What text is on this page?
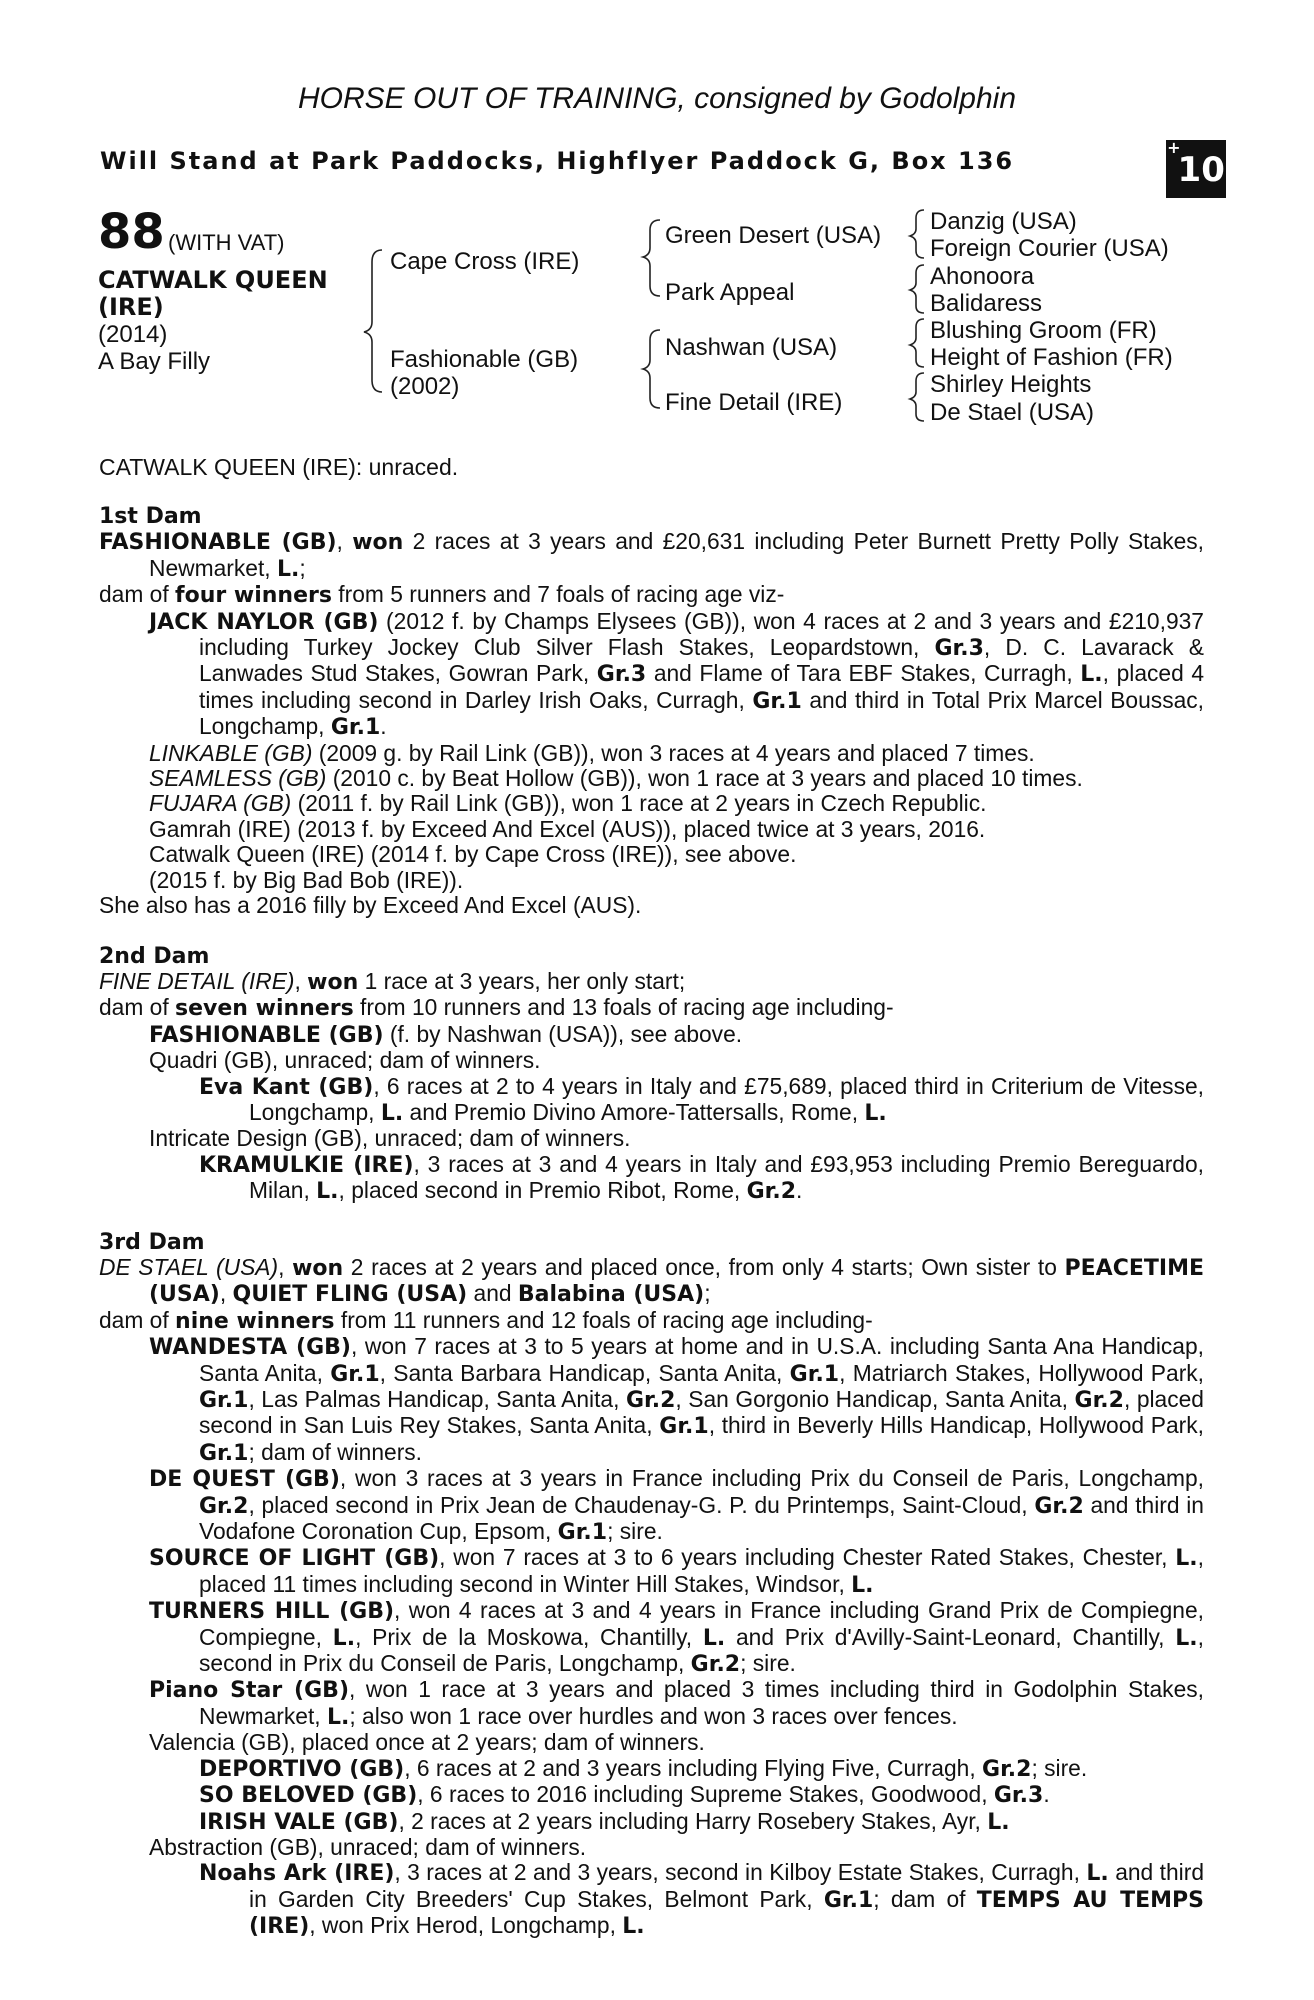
HORSE OUT OF TRAINING, consigned by Godolphin
Will Stand at Park Paddocks, Highflyer Paddock G, Box 136	+10
88 (WITH VAT)
CATWALK QUEEN
(IRE)
(2014)
A Bay Filly
Cape Cross (IRE)
Fashionable (GB)
(2002)
Green Desert (USA)
Park Appeal
Nashwan (USA)
Fine Detail (IRE)
Danzig (USA)
Foreign Courier (USA)
Ahonoora
Balidaress
Blushing Groom (FR)
Height of Fashion (FR)
Shirley Heights
De Stael (USA)
CATWALK QUEEN (IRE): unraced.

1st Dam

FASHIONABLE (GB), won 2 races at 3 years and £20,631 including Peter Burnett Pretty Polly Stakes, Newmarket, L.;

dam of four winners from 5 runners and 7 foals of racing age viz-

JACK NAYLOR (GB) (2012 f. by Champs Elysees (GB)), won 4 races at 2 and 3 years and £210,937 including Turkey Jockey Club Silver Flash Stakes, Leopardstown, Gr.3, D. C. Lavarack & Lanwades Stud Stakes, Gowran Park, Gr.3 and Flame of Tara EBF Stakes, Curragh, L., placed 4 times including second in Darley Irish Oaks, Curragh, Gr.1 and third in Total Prix Marcel Boussac, Longchamp, Gr.1.

LINKABLE (GB) (2009 g. by Rail Link (GB)), won 3 races at 4 years and placed 7 times.

SEAMLESS (GB) (2010 c. by Beat Hollow (GB)), won 1 race at 3 years and placed 10 times.

FUJARA (GB) (2011 f. by Rail Link (GB)), won 1 race at 2 years in Czech Republic.

Gamrah (IRE) (2013 f. by Exceed And Excel (AUS)), placed twice at 3 years, 2016.

Catwalk Queen (IRE) (2014 f. by Cape Cross (IRE)), see above.

(2015 f. by Big Bad Bob (IRE)).

She also has a 2016 filly by Exceed And Excel (AUS).

2nd Dam

FINE DETAIL (IRE), won 1 race at 3 years, her only start;

dam of seven winners from 10 runners and 13 foals of racing age including-

FASHIONABLE (GB) (f. by Nashwan (USA)), see above.

Quadri (GB), unraced; dam of winners.

Eva Kant (GB), 6 races at 2 to 4 years in Italy and £75,689, placed third in Criterium de Vitesse, Longchamp, L. and Premio Divino Amore-Tattersalls, Rome, L.

Intricate Design (GB), unraced; dam of winners.

KRAMULKIE (IRE), 3 races at 3 and 4 years in Italy and £93,953 including Premio Bereguardo, Milan, L., placed second in Premio Ribot, Rome, Gr.2.

3rd Dam

DE STAEL (USA), won 2 races at 2 years and placed once, from only 4 starts; Own sister to PEACETIME (USA), QUIET FLING (USA) and Balabina (USA);

dam of nine winners from 11 runners and 12 foals of racing age including-

WANDESTA (GB), won 7 races at 3 to 5 years at home and in U.S.A. including Santa Ana Handicap, Santa Anita, Gr.1, Santa Barbara Handicap, Santa Anita, Gr.1, Matriarch Stakes, Hollywood Park, Gr.1, Las Palmas Handicap, Santa Anita, Gr.2, San Gorgonio Handicap, Santa Anita, Gr.2, placed second in San Luis Rey Stakes, Santa Anita, Gr.1, third in Beverly Hills Handicap, Hollywood Park, Gr.1; dam of winners.

DE QUEST (GB), won 3 races at 3 years in France including Prix du Conseil de Paris, Longchamp, Gr.2, placed second in Prix Jean de Chaudenay-G. P. du Printemps, Saint-Cloud, Gr.2 and third in Vodafone Coronation Cup, Epsom, Gr.1; sire.

SOURCE OF LIGHT (GB), won 7 races at 3 to 6 years including Chester Rated Stakes, Chester, L., placed 11 times including second in Winter Hill Stakes, Windsor, L.

TURNERS HILL (GB), won 4 races at 3 and 4 years in France including Grand Prix de Compiegne, Compiegne, L., Prix de la Moskowa, Chantilly, L. and Prix d'Avilly-Saint-Leonard, Chantilly, L., second in Prix du Conseil de Paris, Longchamp, Gr.2; sire.

Piano Star (GB), won 1 race at 3 years and placed 3 times including third in Godolphin Stakes, Newmarket, L.; also won 1 race over hurdles and won 3 races over fences.

Valencia (GB), placed once at 2 years; dam of winners.

DEPORTIVO (GB), 6 races at 2 and 3 years including Flying Five, Curragh, Gr.2; sire.

SO BELOVED (GB), 6 races to 2016 including Supreme Stakes, Goodwood, Gr.3.

IRISH VALE (GB), 2 races at 2 years including Harry Rosebery Stakes, Ayr, L.

Abstraction (GB), unraced; dam of winners.

Noahs Ark (IRE), 3 races at 2 and 3 years, second in Kilboy Estate Stakes, Curragh, L. and third in Garden City Breeders' Cup Stakes, Belmont Park, Gr.1; dam of TEMPS AU TEMPS (IRE), won Prix Herod, Longchamp, L.
